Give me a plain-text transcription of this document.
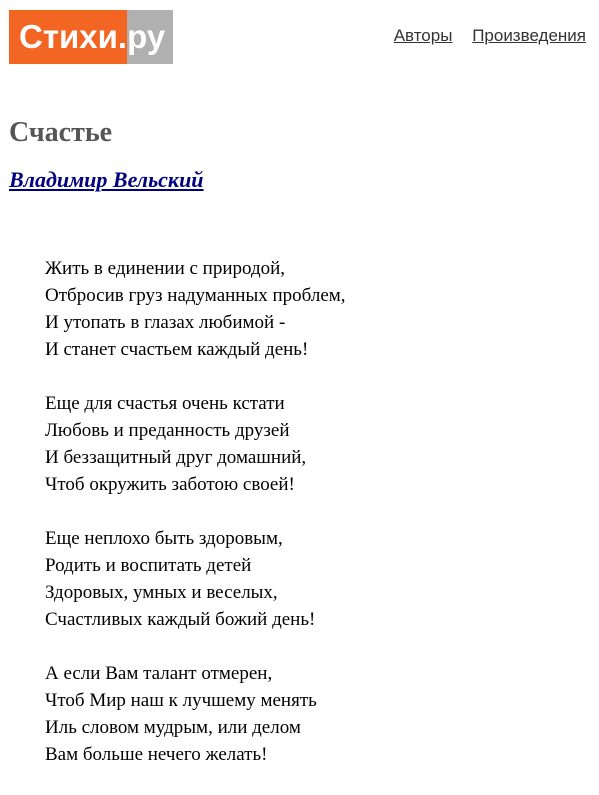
Стихи . ру	Авторы Произведения
Счастье
Владимир Вельский
Жить в единении с природой,
Отбросив груз надуманных проблем,
И утопать в глазах любимой -
И станет счастьем каждый день!
Еще для счастья очень кстати
Любовь и преданность друзей
И беззащитный друг домашний,
Чтоб окружить заботою своей!
Еще неплохо быть здоровым,
Родить и воспитать детей
Здоровых, умных и веселых,
Счастливых каждый божий день!
А если Вам талант отмерен,
Чтоб Мир наш к лучшему менять
Иль словом мудрым, или делом
Вам больше нечего желать!
